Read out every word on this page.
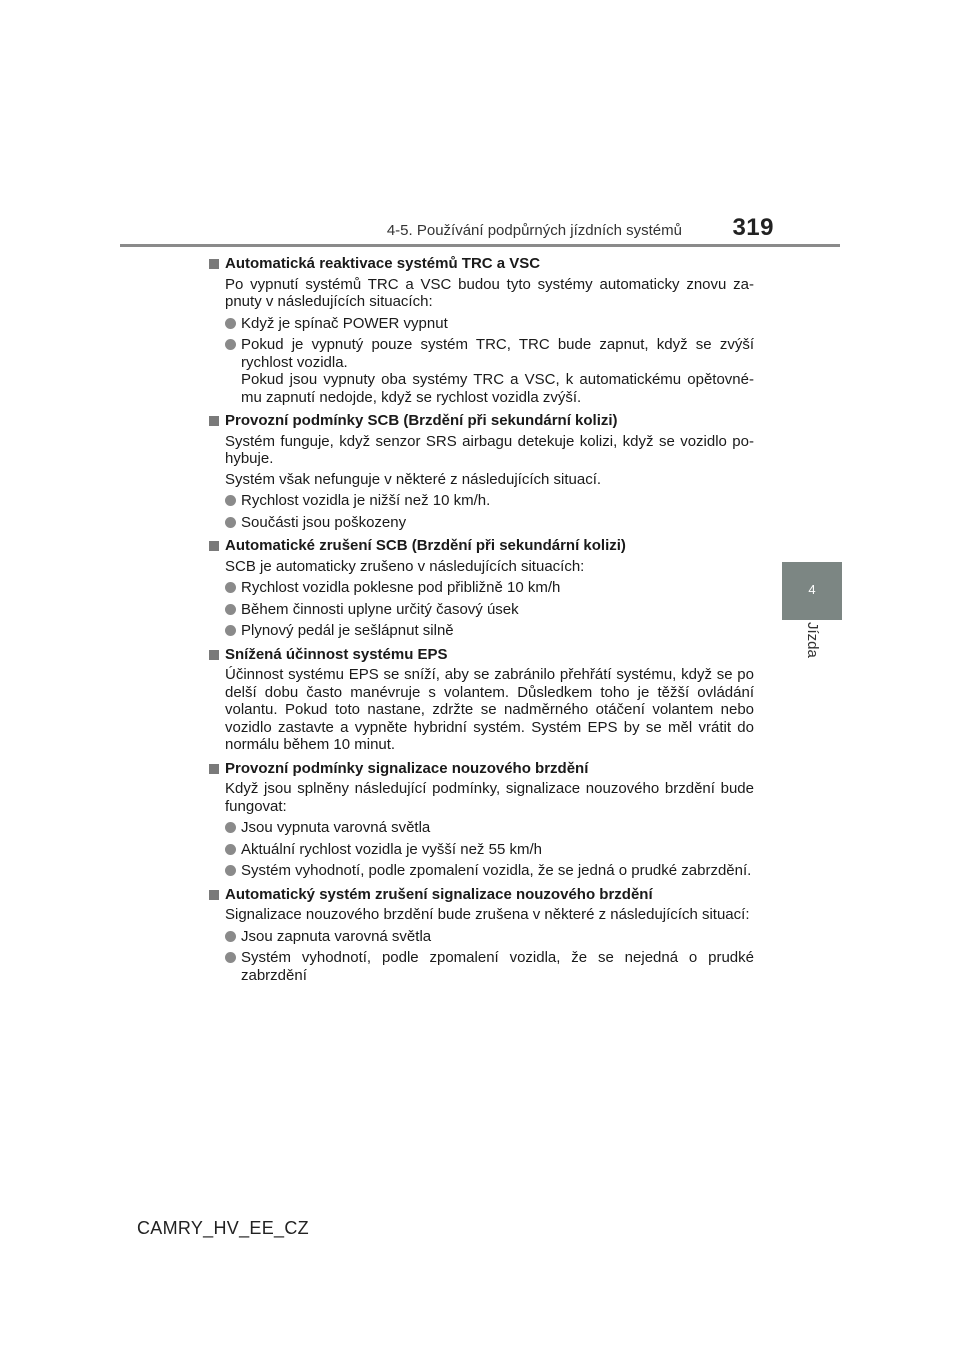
4-5. Používání podpůrných jízdních systémů 319
4
Jízda
Automatická reaktivace systémů TRC a VSC
Po vypnutí systémů TRC a VSC budou tyto systémy automaticky znovu za-pnuty v následujících situacích:
Když je spínač POWER vypnut
Pokud je vypnutý pouze systém TRC, TRC bude zapnut, když se zvýší rychlost vozidla.
Pokud jsou vypnuty oba systémy TRC a VSC, k automatickému opětovné-mu zapnutí nedojde, když se rychlost vozidla zvýší.
Provozní podmínky SCB (Brzdění při sekundární kolizi)
Systém funguje, když senzor SRS airbagu detekuje kolizi, když se vozidlo po-hybuje.
Systém však nefunguje v některé z následujících situací.
Rychlost vozidla je nižší než 10 km/h.
Součásti jsou poškozeny
Automatické zrušení SCB (Brzdění při sekundární kolizi)
SCB je automaticky zrušeno v následujících situacích:
Rychlost vozidla poklesne pod přibližně 10 km/h
Během činnosti uplyne určitý časový úsek
Plynový pedál je sešlápnut silně
Snížená účinnost systému EPS
Účinnost systému EPS se sníží, aby se zabránilo přehřátí systému, když se po delší dobu často manévruje s volantem. Důsledkem toho je těžší ovládání volantu. Pokud toto nastane, zdržte se nadměrného otáčení volantem nebo vozidlo zastavte a vypněte hybridní systém. Systém EPS by se měl vrátit do normálu během 10 minut.
Provozní podmínky signalizace nouzového brzdění
Když jsou splněny následující podmínky, signalizace nouzového brzdění bude fungovat:
Jsou vypnuta varovná světla
Aktuální rychlost vozidla je vyšší než 55 km/h
Systém vyhodnotí, podle zpomalení vozidla, že se jedná o prudké zabrzdění.
Automatický systém zrušení signalizace nouzového brzdění
Signalizace nouzového brzdění bude zrušena v některé z následujících situací:
Jsou zapnuta varovná světla
Systém vyhodnotí, podle zpomalení vozidla, že se nejedná o prudké zabrzdění
CAMRY_HV_EE_CZ
